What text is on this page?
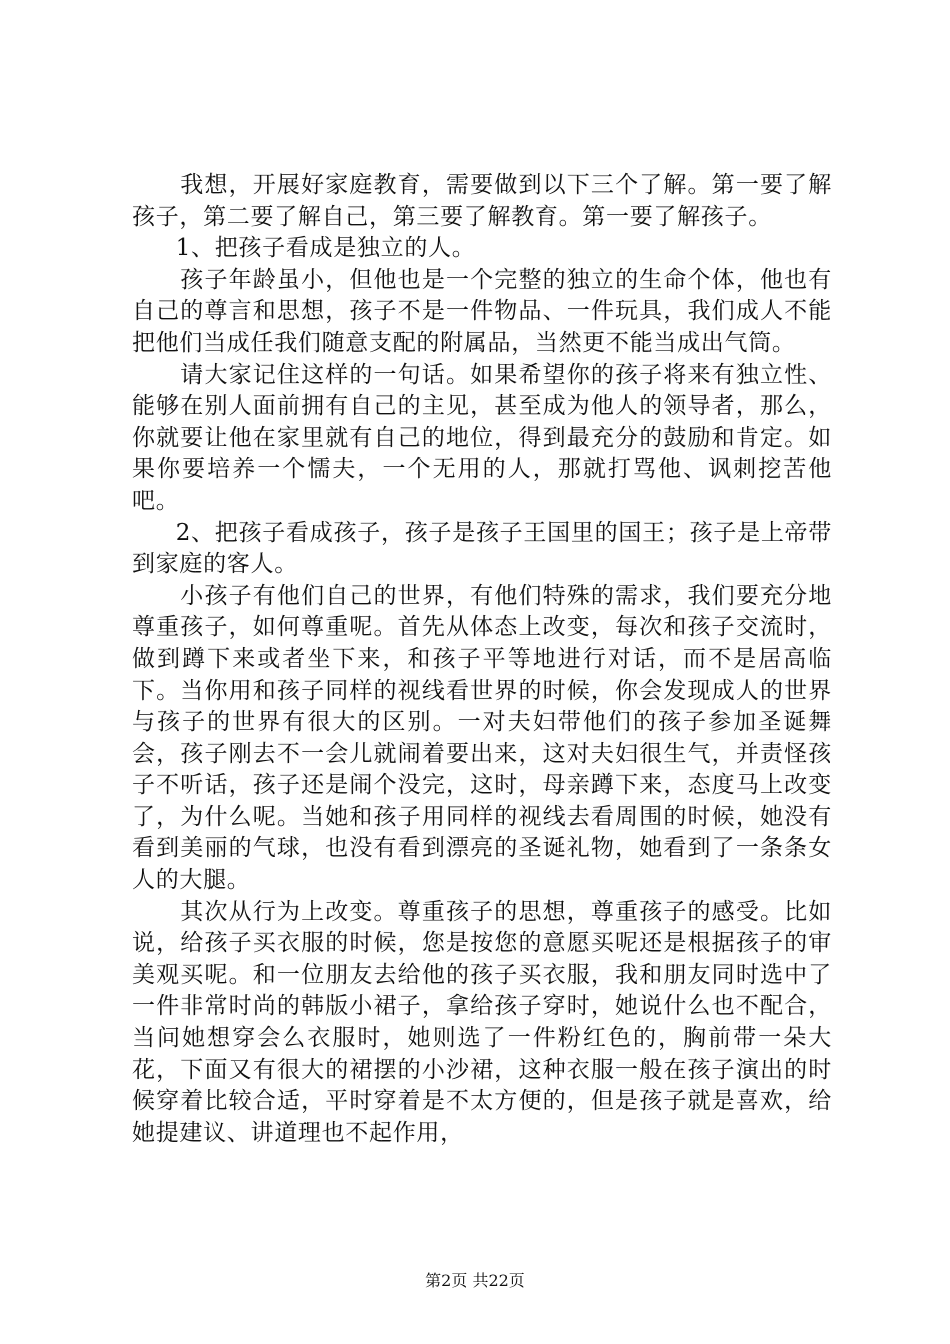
我想，开展好家庭教育，需要做到以下三个了解。第一要了解孩子，第二要了解自己，第三要了解教育。第一要了解孩子。

1、把孩子看成是独立的人。

孩子年龄虽小，但他也是一个完整的独立的生命个体，他也有自己的尊言和思想，孩子不是一件物品、一件玩具，我们成人不能把他们当成任我们随意支配的附属品，当然更不能当成出气筒。

请大家记住这样的一句话。如果希望你的孩子将来有独立性、能够在别人面前拥有自己的主见，甚至成为他人的领导者，那么，你就要让他在家里就有自己的地位，得到最充分的鼓励和肯定。如果你要培养一个懦夫，一个无用的人，那就打骂他、讽刺挖苦他吧。

2、把孩子看成孩子，孩子是孩子王国里的国王；孩子是上帝带到家庭的客人。

小孩子有他们自己的世界，有他们特殊的需求，我们要充分地尊重孩子，如何尊重呢。首先从体态上改变，每次和孩子交流时，做到蹲下来或者坐下来，和孩子平等地进行对话，而不是居高临下。当你用和孩子同样的视线看世界的时候，你会发现成人的世界与孩子的世界有很大的区别。一对夫妇带他们的孩子参加圣诞舞会，孩子刚去不一会儿就闹着要出来，这对夫妇很生气，并责怪孩子不听话，孩子还是闹个没完，这时，母亲蹲下来，态度马上改变了，为什么呢。当她和孩子用同样的视线去看周围的时候，她没有看到美丽的气球，也没有看到漂亮的圣诞礼物，她看到了一条条女人的大腿。

其次从行为上改变。尊重孩子的思想，尊重孩子的感受。比如说，给孩子买衣服的时候，您是按您的意愿买呢还是根据孩子的审美观买呢。和一位朋友去给他的孩子买衣服，我和朋友同时选中了一件非常时尚的韩版小裙子，拿给孩子穿时，她说什么也不配合，当问她想穿会么衣服时，她则选了一件粉红色的，胸前带一朵大花，下面又有很大的裙摆的小沙裙，这种衣服一般在孩子演出的时候穿着比较合适，平时穿着是不太方便的，但是孩子就是喜欢，给她提建议、讲道理也不起作用，

第2页 共22页
